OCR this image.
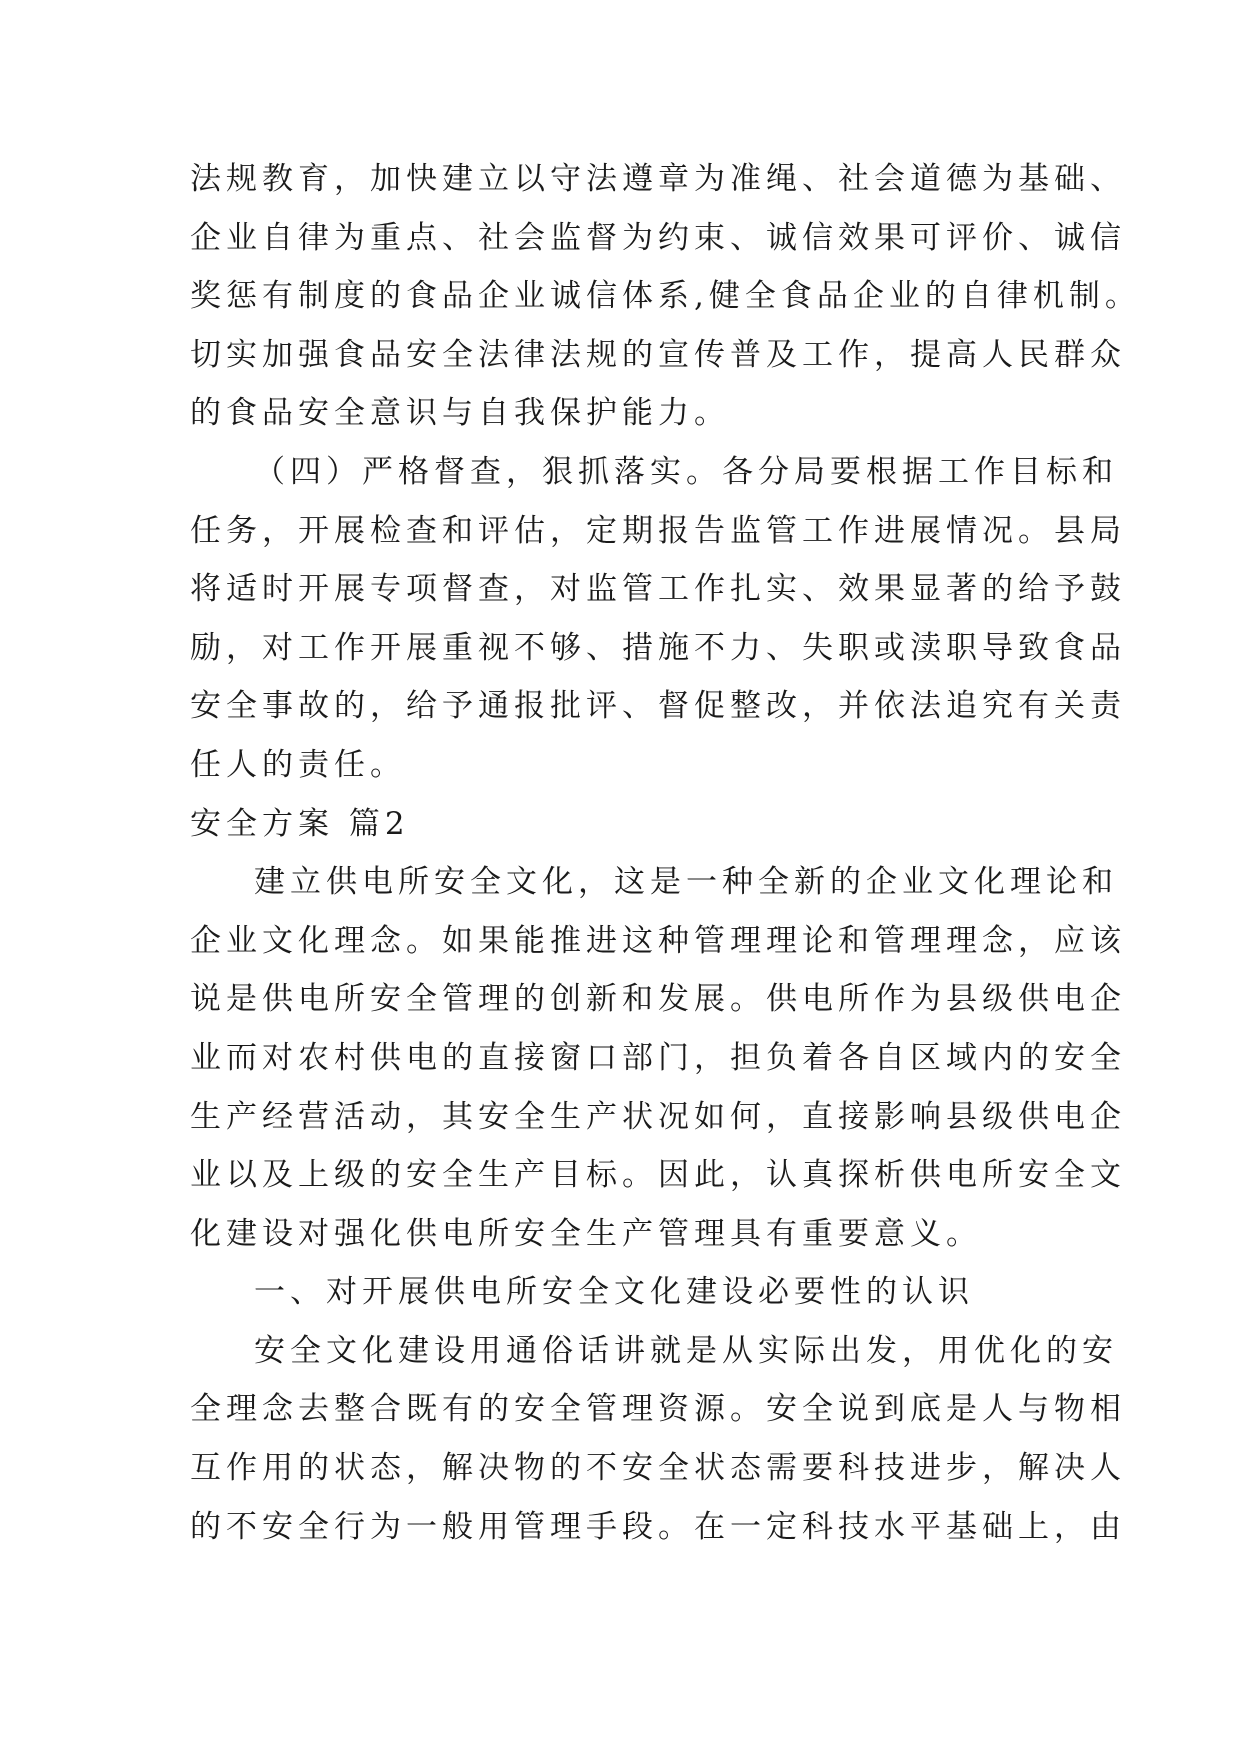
法规教育，加快建立以守法遵章为准绳、社会道德为基础、
企业自律为重点、社会监督为约束、诚信效果可评价、诚信
奖惩有制度的食品企业诚信体系,健全食品企业的自律机制。
切实加强食品安全法律法规的宣传普及工作，提高人民群众
的食品安全意识与自我保护能力。
（四）严格督查，狠抓落实。各分局要根据工作目标和
任务，开展检查和评估，定期报告监管工作进展情况。县局
将适时开展专项督查，对监管工作扎实、效果显著的给予鼓
励，对工作开展重视不够、措施不力、失职或渎职导致食品
安全事故的，给予通报批评、督促整改，并依法追究有关责
任人的责任。
安全方案 篇2
建立供电所安全文化，这是一种全新的企业文化理论和
企业文化理念。如果能推进这种管理理论和管理理念，应该
说是供电所安全管理的创新和发展。供电所作为县级供电企
业而对农村供电的直接窗口部门，担负着各自区域内的安全
生产经营活动，其安全生产状况如何，直接影响县级供电企
业以及上级的安全生产目标。因此，认真探析供电所安全文
化建设对强化供电所安全生产管理具有重要意义。
一、对开展供电所安全文化建设必要性的认识
安全文化建设用通俗话讲就是从实际出发，用优化的安
全理念去整合既有的安全管理资源。安全说到底是人与物相
互作用的状态，解决物的不安全状态需要科技进步，解决人
的不安全行为一般用管理手段。在一定科技水平基础上，由
